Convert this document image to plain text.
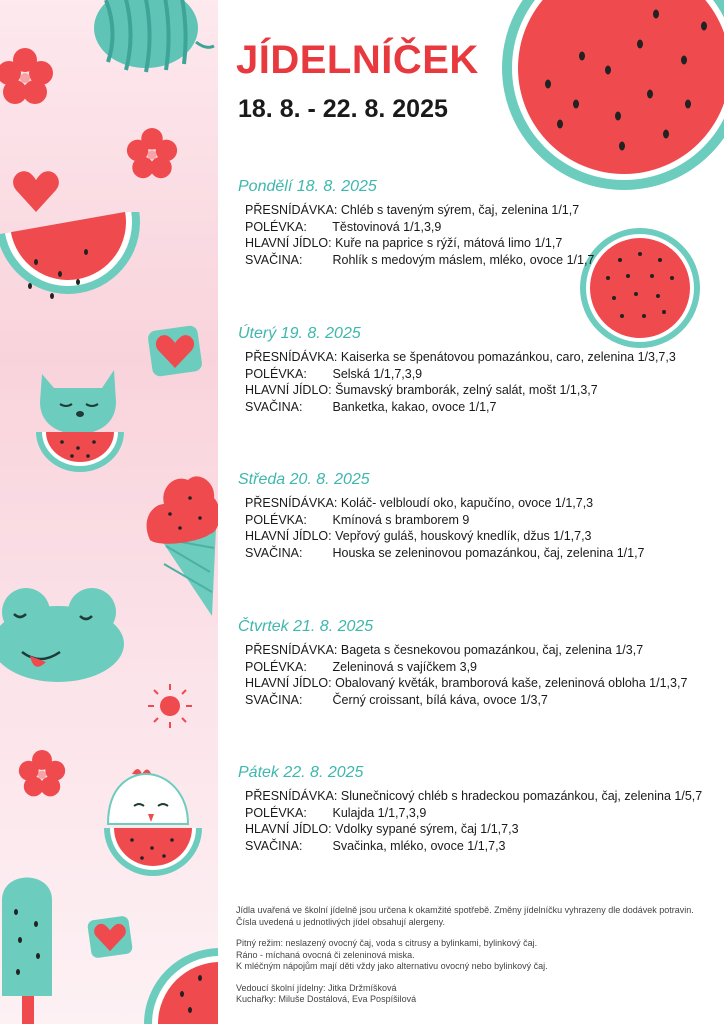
JÍDELNÍČEK
18. 8. - 22. 8. 2025
Pondělí 18. 8. 2025
PŘESNÍDÁVKA: Chléb s taveným sýrem, čaj, zelenina 1/1,7
POLÉVKA: Těstovinová 1/1,3,9
HLAVNÍ JÍDLO: Kuře na paprice s rýží, mátová limo 1/1,7
SVAČINA: Rohlík s medovým máslem, mléko, ovoce 1/1,7
Úterý 19. 8. 2025
PŘESNÍDÁVKA: Kaiserka se špenátovou pomazánkou, caro, zelenina 1/3,7,3
POLÉVKA: Selská 1/1,7,3,9
HLAVNÍ JÍDLO: Šumavský bramborák, zelný salát, mošt 1/1,3,7
SVAČINA: Banketka, kakao, ovoce 1/1,7
Středa 20. 8. 2025
PŘESNÍDÁVKA: Koláč- velbloudí oko, kapučíno, ovoce 1/1,7,3
POLÉVKA: Kmínová s bramborem 9
HLAVNÍ JÍDLO: Vepřový guláš, houskový knedlík, džus 1/1,7,3
SVAČINA: Houska se zeleninovou pomazánkou, čaj, zelenina 1/1,7
Čtvrtek 21. 8. 2025
PŘESNÍDÁVKA: Bageta s česnekovou pomazánkou, čaj, zelenina 1/3,7
POLÉVKA: Zeleninová s vajíčkem 3,9
HLAVNÍ JÍDLO: Obalovaný květák, bramborová kaše, zeleninová obloha 1/1,3,7
SVAČINA: Černý croissant, bílá káva, ovoce 1/3,7
Pátek 22. 8. 2025
PŘESNÍDÁVKA: Slunečnicový chléb s hradeckou pomazánkou, čaj, zelenina 1/5,7
POLÉVKA: Kulajda 1/1,7,3,9
HLAVNÍ JÍDLO: Vdolky sypané sýrem, čaj 1/1,7,3
SVAČINA: Svačinka, mléko, ovoce 1/1,7,3
Jídla uvařená ve školní jídelně jsou určena k okamžité spotřebě. Změny jídelníčku vyhrazeny dle dodávek potravin.
Čísla uvedená u jednotlivých jídel obsahují alergeny.
Pitný režim: neslazený ovocný čaj, voda s citrusy a bylinkami, bylinkový čaj.
Ráno - míchaná ovocná či zeleninová miska.
K mléčným nápojům mají děti vždy jako alternativu ovocný nebo bylinkový čaj.
Vedoucí školní jídelny: Jitka Držmíšková
Kuchařky: Miluše Dostálová, Eva Pospíšilová
